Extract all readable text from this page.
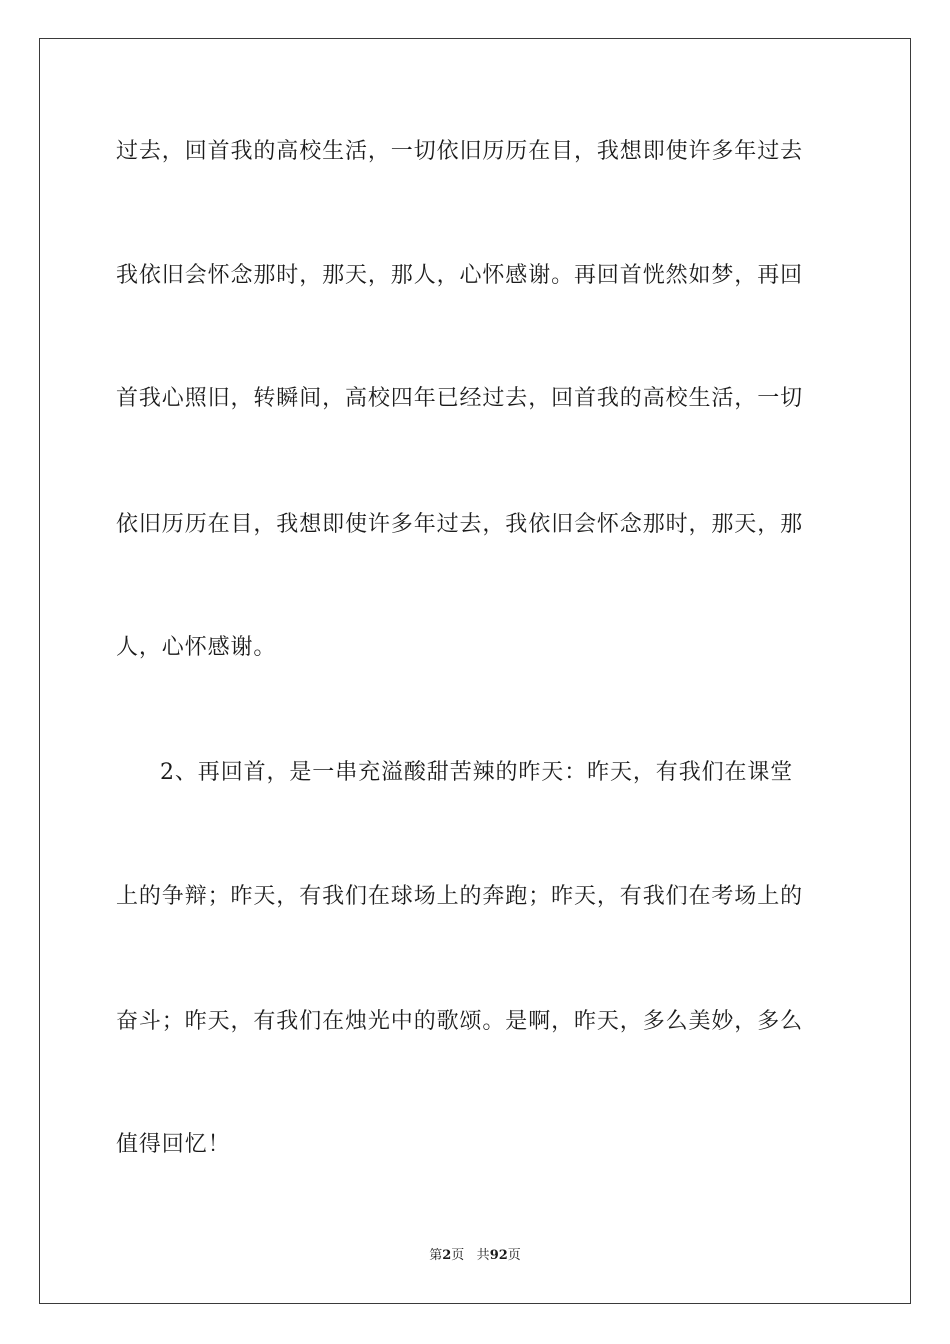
过去，回首我的高校生活，一切依旧历历在目，我想即使许多年过去
我依旧会怀念那时，那天，那人，心怀感谢。再回首恍然如梦，再回
首我心照旧，转瞬间，高校四年已经过去，回首我的高校生活，一切
依旧历历在目，我想即使许多年过去，我依旧会怀念那时，那天，那
人，心怀感谢。
2、再回首，是一串充溢酸甜苦辣的昨天：昨天，有我们在课堂
上的争辩；昨天，有我们在球场上的奔跑；昨天，有我们在考场上的
奋斗；昨天，有我们在烛光中的歌颂。是啊，昨天，多么美妙，多么
值得回忆！
第2页 共92页
